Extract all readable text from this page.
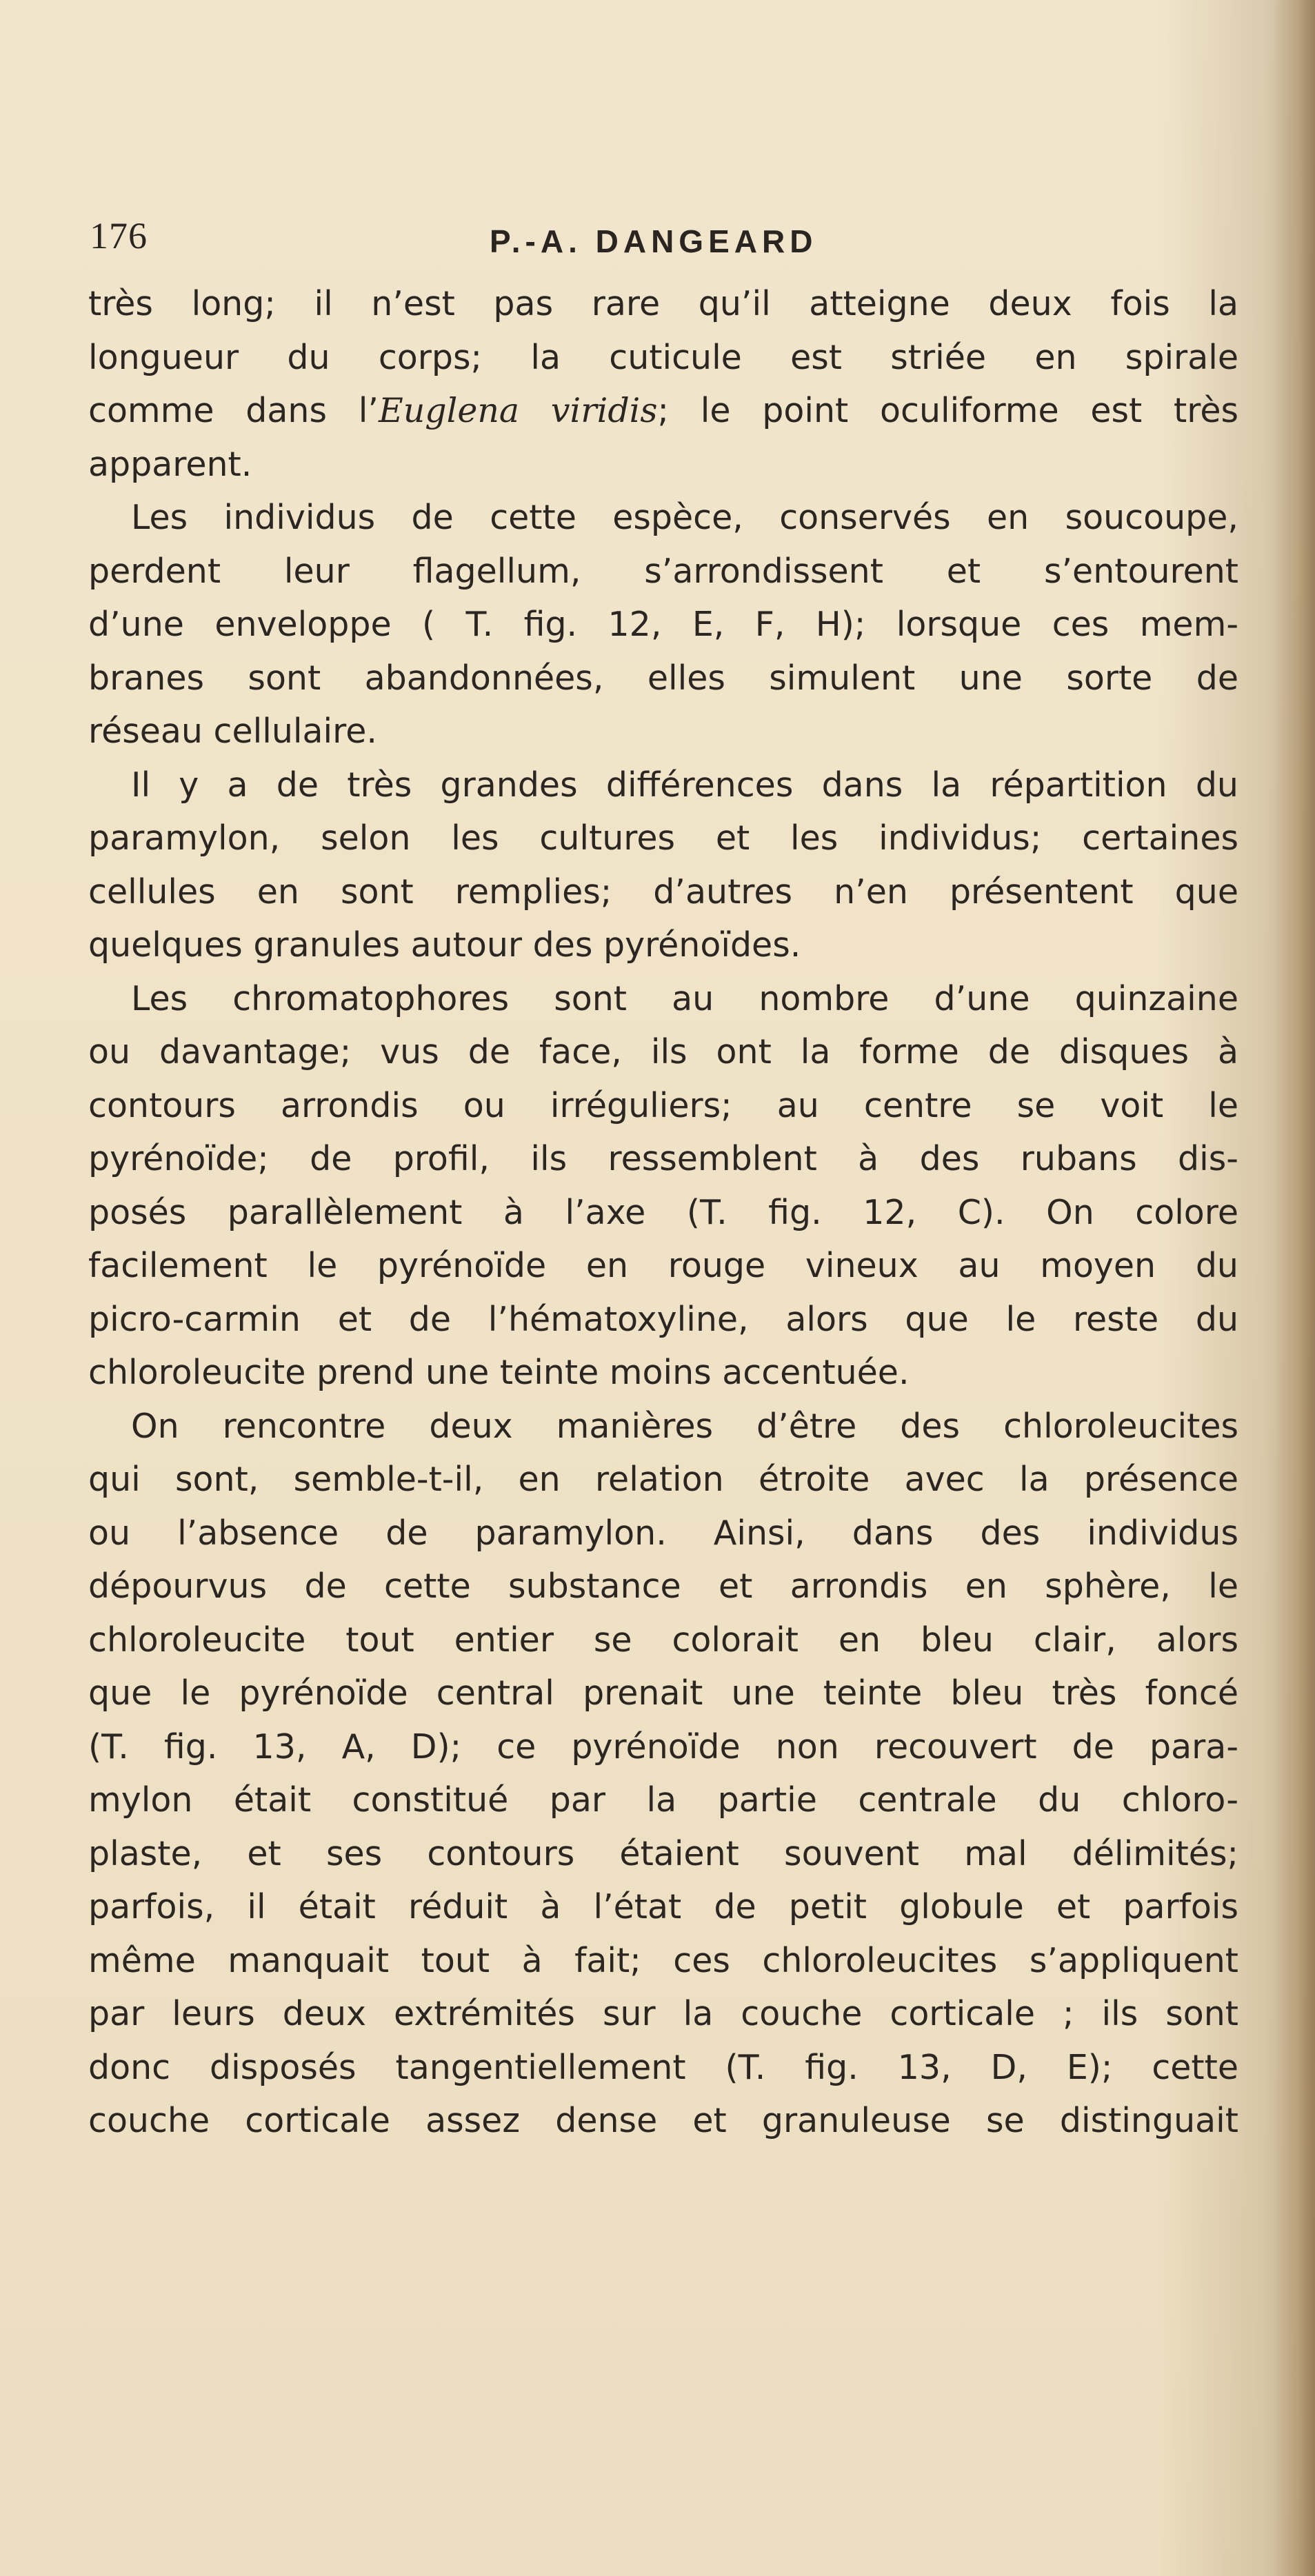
176	P.-A. DANGEARD
très long; il n’est pas rare qu’il atteigne deux fois la
longueur du corps; la cuticule est striée en spirale
comme dans l’Euglena viridis; le point oculiforme est très
apparent.
Les individus de cette espèce, conservés en soucoupe,
perdent leur flagellum, s’arrondissent et s’entourent
d’une enveloppe ( T. fig. 12, E, F, H); lorsque ces mem-
branes sont abandonnées, elles simulent une sorte de
réseau cellulaire.
Il y a de très grandes différences dans la répartition du
paramylon, selon les cultures et les individus; certaines
cellules en sont remplies; d’autres n’en présentent que
quelques granules autour des pyrénoïdes.
Les chromatophores sont au nombre d’une quinzaine
ou davantage; vus de face, ils ont la forme de disques à
contours arrondis ou irréguliers; au centre se voit le
pyrénoïde; de profil, ils ressemblent à des rubans dis-
posés parallèlement à l’axe (T. fig. 12, C). On colore
facilement le pyrénoïde en rouge vineux au moyen du
picro-carmin et de l’hématoxyline, alors que le reste du
chloroleucite prend une teinte moins accentuée.
On rencontre deux manières d’être des chloroleucites
qui sont, semble-t-il, en relation étroite avec la présence
ou l’absence de paramylon. Ainsi, dans des individus
dépourvus de cette substance et arrondis en sphère, le
chloroleucite tout entier se colorait en bleu clair, alors
que le pyrénoïde central prenait une teinte bleu très foncé
(T. fig. 13, A, D); ce pyrénoïde non recouvert de para-
mylon était constitué par la partie centrale du chloro-
plaste, et ses contours étaient souvent mal délimités;
parfois, il était réduit à l’état de petit globule et parfois
même manquait tout à fait; ces chloroleucites s’appliquent
par leurs deux extrémités sur la couche corticale ; ils sont
donc disposés tangentiellement (T. fig. 13, D, E); cette
couche corticale assez dense et granuleuse se distinguait
